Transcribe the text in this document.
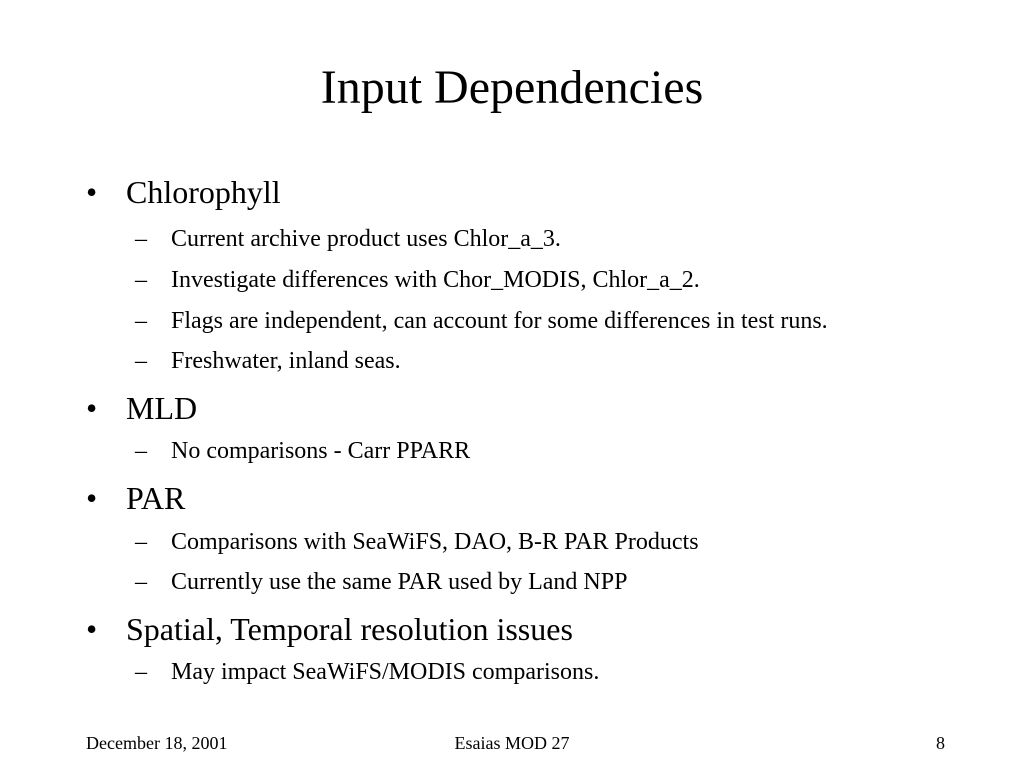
Input Dependencies
• Chlorophyll
– Current archive product uses Chlor_a_3.
– Investigate differences with Chor_MODIS, Chlor_a_2.
– Flags are independent, can account for some differences in test runs.
– Freshwater, inland seas.
• MLD
– No comparisons - Carr PPARR
• PAR
– Comparisons with SeaWiFS, DAO, B-R PAR Products
– Currently use the same PAR used by Land NPP
• Spatial, Temporal resolution issues
– May impact SeaWiFS/MODIS comparisons.
December 18, 2001	Esaias MOD 27	8
